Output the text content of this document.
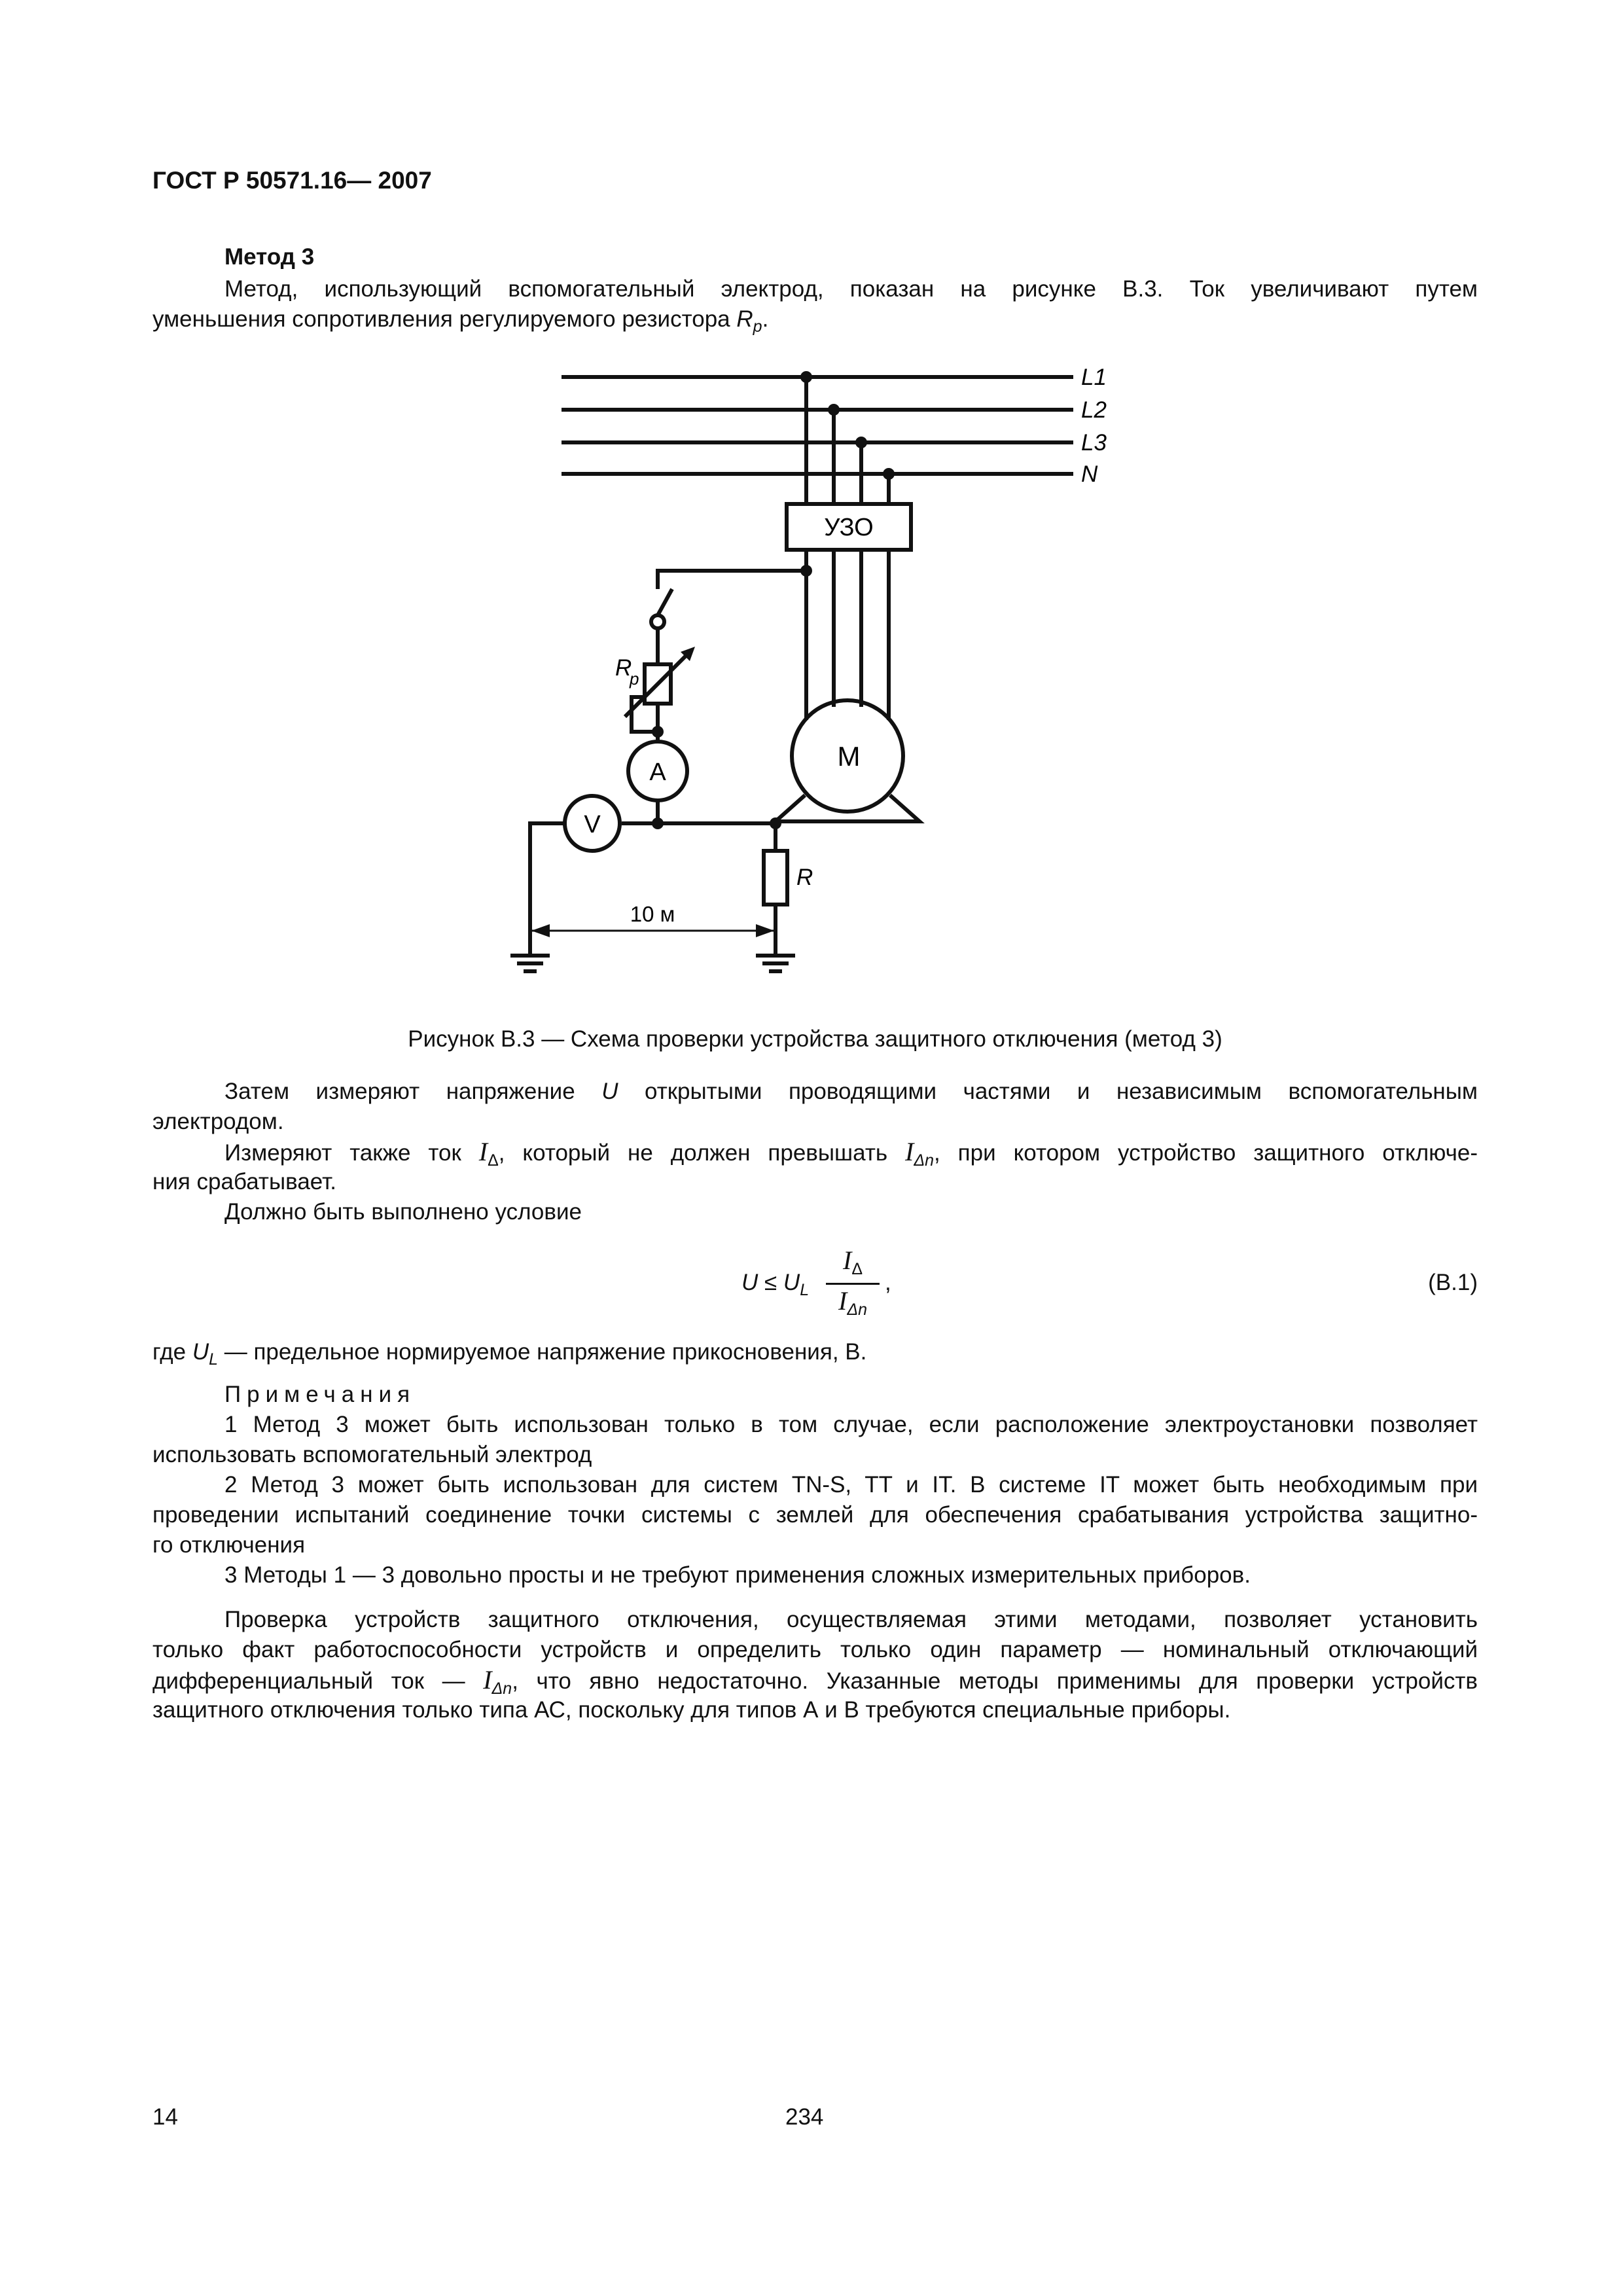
ГОСТ Р 50571.16— 2007
Метод 3
Метод, использующий вспомогательный электрод, показан на рисунке В.3. Ток увеличивают путем
уменьшения сопротивления регулируемого резистора $R_р$.
L1
L2
L3
N
УЗО
М
A
V
R
р
R
10 м
Рисунок В.3 — Схема проверки устройства защитного отключения (метод 3)
Затем измеряют напряжение U открытыми проводящими частями и независимым вспомогательным
электродом.
Измеряют также ток $I_\Delta$, который не должен превышать $I_{\Delta n}$, при котором устройство защитного отключе-
ния срабатывает.
Должно быть выполнено условие
$U \le U_L$
IΔ
IΔn
,	(В.1)
где $U_L$ — предельное нормируемое напряжение прикосновения, В.
Примечания
1 Метод 3 может быть использован только в том случае, если расположение электроустановки позволяет
использовать вспомогательный электрод
2 Метод 3 может быть использован для систем TN-S, TT и IT. В системе IT может быть необходимым при
проведении испытаний соединение точки системы с землей для обеспечения срабатывания устройства защитно-
го отключения
3 Методы 1 — 3 довольно просты и не требуют применения сложных измерительных приборов.
Проверка устройств защитного отключения, осуществляемая этими методами, позволяет установить
только факт работоспособности устройств и определить только один параметр — номинальный отключающий
дифференциальный ток — $I_{\Delta n}$, что явно недостаточно. Указанные методы применимы для проверки устройств
защитного отключения только типа АС, поскольку для типов А и В требуются специальные приборы.
14	234
